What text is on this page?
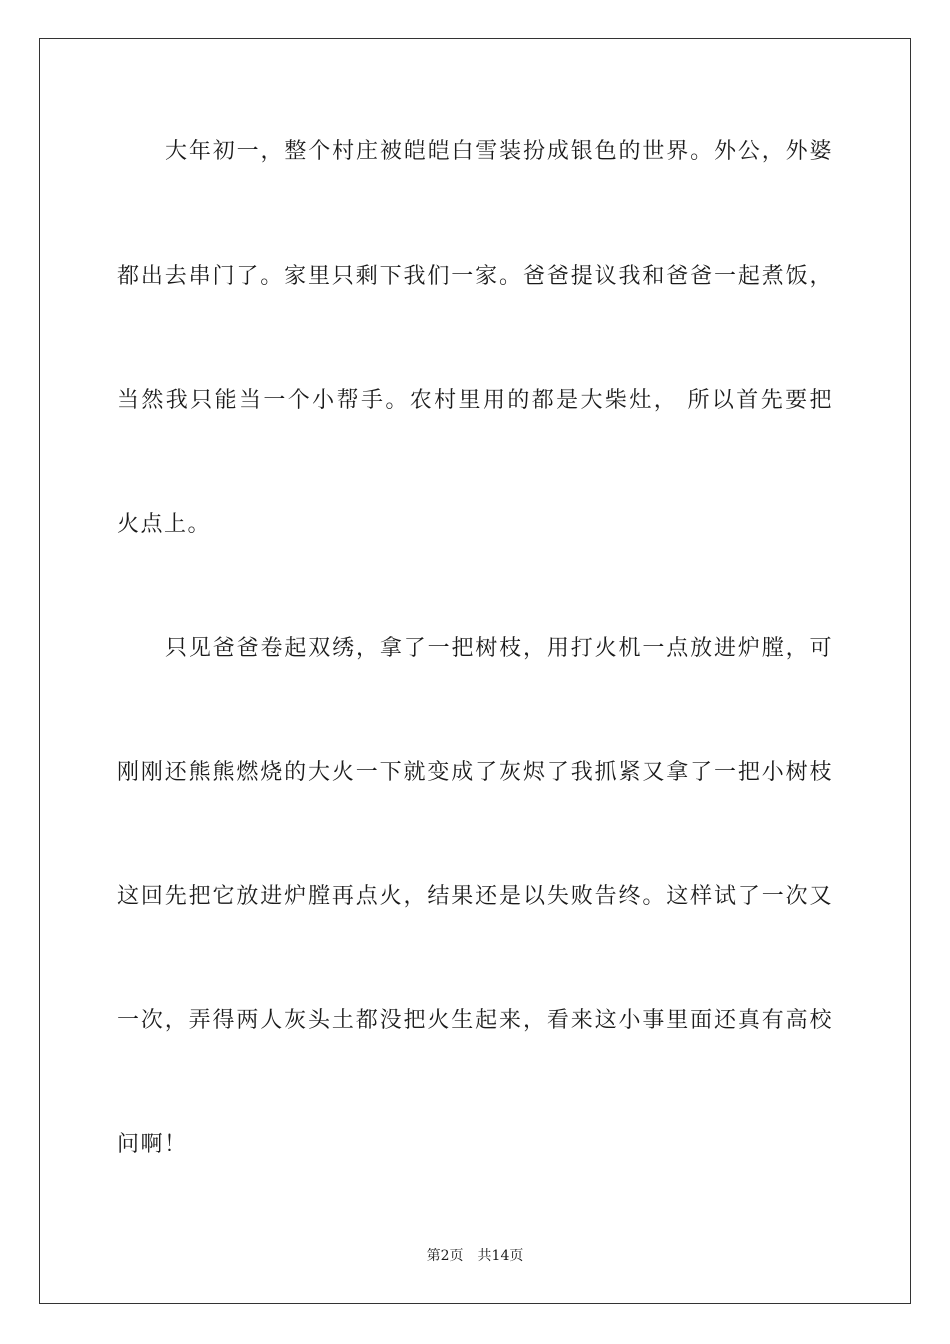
大年初一，整个村庄被皑皑白雪装扮成银色的世界。外公，外婆
都出去串门了。家里只剩下我们一家。爸爸提议我和爸爸一起煮饭，
当然我只能当一个小帮手。农村里用的都是大柴灶， 所以首先要把
火点上。
只见爸爸卷起双绣，拿了一把树枝，用打火机一点放进炉膛，可
刚刚还熊熊燃烧的大火一下就变成了灰烬了我抓紧又拿了一把小树枝
这回先把它放进炉膛再点火，结果还是以失败告终。这样试了一次又
一次，弄得两人灰头土都没把火生起来，看来这小事里面还真有高校
问啊！
第2页　共14页
